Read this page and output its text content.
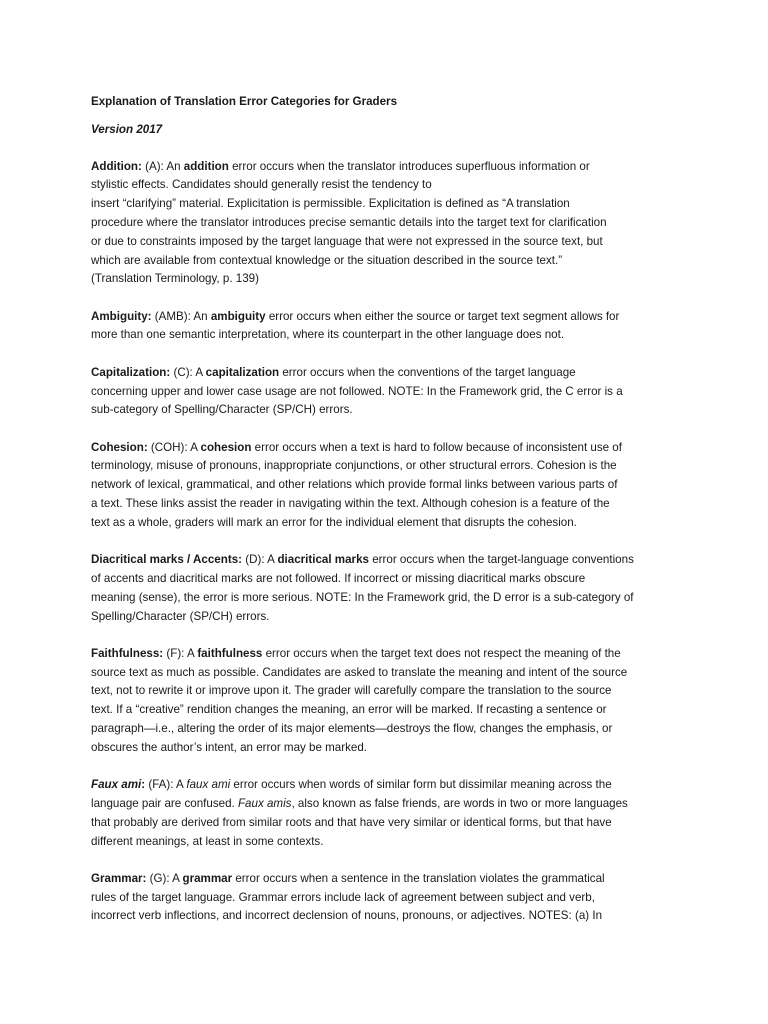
Explanation of Translation Error Categories for Graders
Version 2017
Addition: (A): An addition error occurs when the translator introduces superfluous information or
stylistic effects. Candidates should generally resist the tendency to
insert “clarifying” material. Explicitation is permissible. Explicitation is defined as “A translation
procedure where the translator introduces precise semantic details into the target text for clarification
or due to constraints imposed by the target language that were not expressed in the source text, but
which are available from contextual knowledge or the situation described in the source text.”
(Translation Terminology, p. 139)
Ambiguity: (AMB): An ambiguity error occurs when either the source or target text segment allows for
more than one semantic interpretation, where its counterpart in the other language does not.
Capitalization: (C): A capitalization error occurs when the conventions of the target language
concerning upper and lower case usage are not followed. NOTE: In the Framework grid, the C error is a
sub-category of Spelling/Character (SP/CH) errors.
Cohesion: (COH): A cohesion error occurs when a text is hard to follow because of inconsistent use of
terminology, misuse of pronouns, inappropriate conjunctions, or other structural errors. Cohesion is the
network of lexical, grammatical, and other relations which provide formal links between various parts of
a text. These links assist the reader in navigating within the text. Although cohesion is a feature of the
text as a whole, graders will mark an error for the individual element that disrupts the cohesion.
Diacritical marks / Accents: (D): A diacritical marks error occurs when the target-language conventions
of accents and diacritical marks are not followed. If incorrect or missing diacritical marks obscure
meaning (sense), the error is more serious. NOTE: In the Framework grid, the D error is a sub-category of
Spelling/Character (SP/CH) errors.
Faithfulness: (F): A faithfulness error occurs when the target text does not respect the meaning of the
source text as much as possible. Candidates are asked to translate the meaning and intent of the source
text, not to rewrite it or improve upon it. The grader will carefully compare the translation to the source
text. If a “creative” rendition changes the meaning, an error will be marked. If recasting a sentence or
paragraph—i.e., altering the order of its major elements—destroys the flow, changes the emphasis, or
obscures the author’s intent, an error may be marked.
Faux ami: (FA): A faux ami error occurs when words of similar form but dissimilar meaning across the
language pair are confused. Faux amis, also known as false friends, are words in two or more languages
that probably are derived from similar roots and that have very similar or identical forms, but that have
different meanings, at least in some contexts.
Grammar: (G): A grammar error occurs when a sentence in the translation violates the grammatical
rules of the target language. Grammar errors include lack of agreement between subject and verb,
incorrect verb inflections, and incorrect declension of nouns, pronouns, or adjectives. NOTES: (a) In
